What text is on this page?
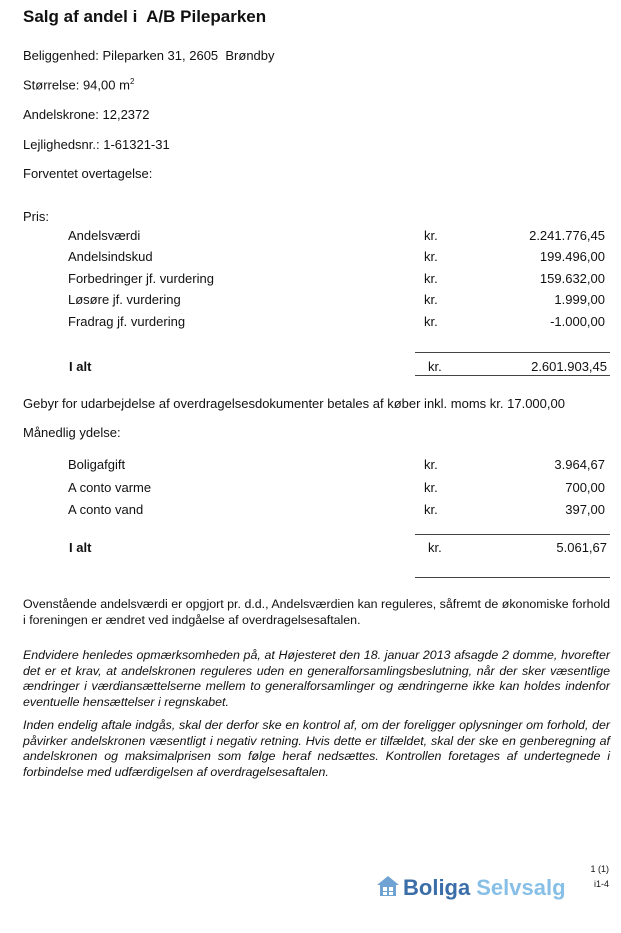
Salg af andel i  A/B Pileparken
Beliggenhed: Pileparken 31, 2605  Brøndby
Størrelse: 94,00 $m^2$
Andelskrone: 12,2372
Lejlighedsnr.: 1-61321-31
Forventet overtagelse:
Pris:
Andelsværdi	kr.	2.241.776,45
Andelsindskud	kr.	199.496,00
Forbedringer jf. vurdering	kr.	159.632,00
Løsøre jf. vurdering	kr.	1.999,00
Fradrag jf. vurdering	kr.	-1.000,00
I alt	kr.	2.601.903,45
Gebyr for udarbejdelse af overdragelsesdokumenter betales af køber inkl. moms kr. 17.000,00
Månedlig ydelse:
Boligafgift	kr.	3.964,67
A conto varme	kr.	700,00
A conto vand	kr.	397,00
I alt	kr.	5.061,67
Ovenstående andelsværdi er opgjort pr. d.d., Andelsværdien kan reguleres, såfremt de økonomiske forhold i foreningen er ændret ved indgåelse af overdragelsesaftalen.
Endvidere henledes opmærksomheden på, at Højesteret den 18. januar 2013 afsagde 2 domme, hvorefter det er et krav, at andelskronen reguleres uden en generalforsamlingsbeslutning, når der sker væsentlige ændringer i værdiansættelserne mellem to generalforsamlinger og ændringerne ikke kan holdes indenfor eventuelle hensættelser i regnskabet.
Inden endelig aftale indgås, skal der derfor ske en kontrol af, om der foreligger oplysninger om forhold, der påvirker andelskronen væsentligt i negativ retning. Hvis dette er tilfældet, skal der ske en genberegning af andelskronen og maksimalprisen som følge heraf nedsættes. Kontrollen foretages af undertegnede i forbindelse med udfærdigelsen af overdragelsesaftalen.
1 (1)
Boliga Selvsalg	i1-4
